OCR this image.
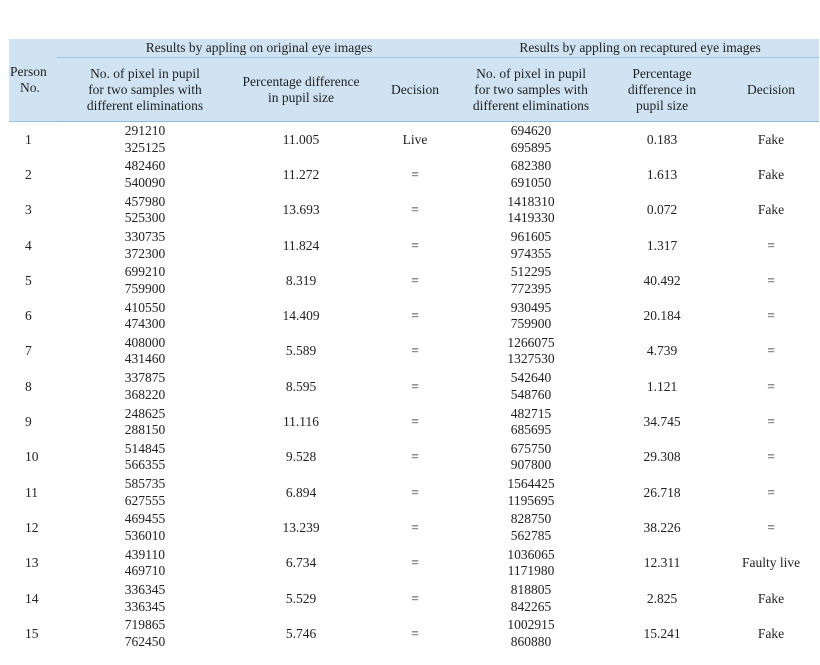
Person
No.	Results by appling on original eye images			Results by appling on recaptured eye images		

	No. of pixel in pupil
for two samples with
different eliminations	Percentage difference
in pupil size	Decision	No. of pixel in pupil
for two samples with
different eliminations	Percentage
difference in
pupil size	Decision

1	291210
325125	11.005	Live	694620
695895	0.183	Fake

2	482460
540090	11.272	=	682380
691050	1.613	Fake

3	457980
525300	13.693	=	1418310
1419330	0.072	Fake

4	330735
372300	11.824	=	961605
974355	1.317	=

5	699210
759900	8.319	=	512295
772395	40.492	=

6	410550
474300	14.409	=	930495
759900	20.184	=

7	408000
431460	5.589	=	1266075
1327530	4.739	=

8	337875
368220	8.595	=	542640
548760	1.121	=

9	248625
288150	11.116	=	482715
685695	34.745	=

10	514845
566355	9.528	=	675750
907800	29.308	=

11	585735
627555	6.894	=	1564425
1195695	26.718	=

12	469455
536010	13.239	=	828750
562785	38.226	=

13	439110
469710	6.734	=	1036065
1171980	12.311	Faulty live

14	336345
336345	5.529	=	818805
842265	2.825	Fake

15	719865
762450	5.746	=	1002915
860880	15.241	Fake
